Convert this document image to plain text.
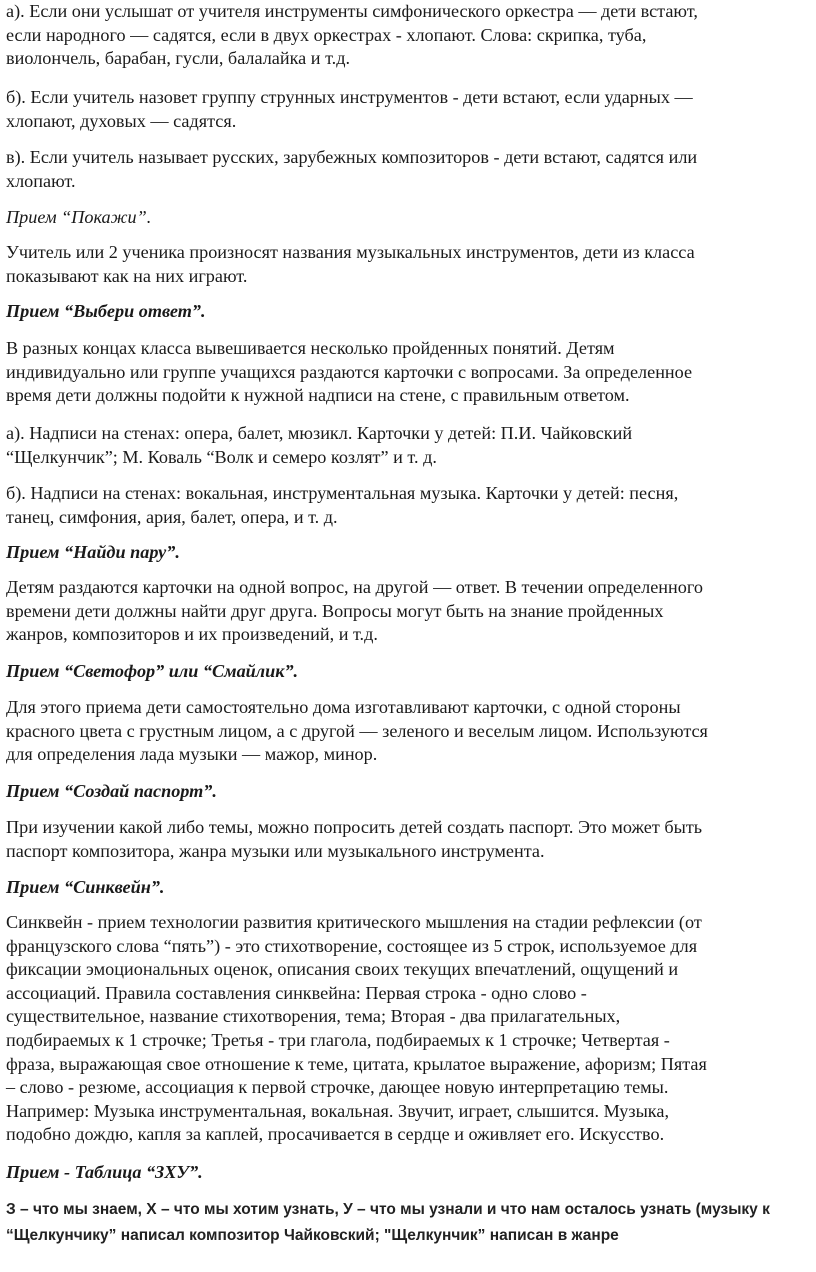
а). Если они услышат от учителя инструменты симфонического оркестра — дети встают,
если народного — садятся, если в двух оркестрах - хлопают. Слова: скрипка, туба,
виолончель, барабан, гусли, балалайка и т.д.

б). Если учитель назовет группу струнных инструментов - дети встают, если ударных —
хлопают, духовых — садятся.

в). Если учитель называет русских, зарубежных композиторов - дети встают, садятся или
хлопают.

Прием “Покажи”.

Учитель или 2 ученика произносят названия музыкальных инструментов, дети из класса
показывают как на них играют.

Прием “Выбери ответ”.

В разных концах класса вывешивается несколько пройденных понятий. Детям
индивидуально или группе учащихся раздаются карточки с вопросами. За определенное
время дети должны подойти к нужной надписи на стене, с правильным ответом.

а). Надписи на стенах: опера, балет, мюзикл. Карточки у детей: П.И. Чайковский
“Щелкунчик”; М. Коваль “Волк и семеро козлят” и т. д.

б). Надписи на стенах: вокальная, инструментальная музыка. Карточки у детей: песня,
танец, симфония, ария, балет, опера, и т. д.

Прием “Найди пару”.

Детям раздаются карточки на одной вопрос, на другой — ответ. В течении определенного
времени дети должны найти друг друга. Вопросы могут быть на знание пройденных
жанров, композиторов и их произведений, и т.д.

Прием “Светофор” или “Смайлик”.

Для этого приема дети самостоятельно дома изготавливают карточки, с одной стороны
красного цвета с грустным лицом, а с другой — зеленого и веселым лицом. Используются
для определения лада музыки — мажор, минор.

Прием “Создай паспорт”.

При изучении какой либо темы, можно попросить детей создать паспорт. Это может быть
паспорт композитора, жанра музыки или музыкального инструмента.

Прием “Синквейн”.

Синквейн - прием технологии развития критического мышления на стадии рефлексии (от
французского слова “пять”) - это стихотворение, состоящее из 5 строк, используемое для
фиксации эмоциональных оценок, описания своих текущих впечатлений, ощущений и
ассоциаций. Правила составления синквейна: Первая строка - одно слово -
существительное, название стихотворения, тема; Вторая - два прилагательных,
подбираемых к 1 строчке; Третья - три глагола, подбираемых к 1 строчке; Четвертая -
фраза, выражающая свое отношение к теме, цитата, крылатое выражение, афоризм; Пятая
– слово - резюме, ассоциация к первой строчке, дающее новую интерпретацию темы.
Например: Музыка инструментальная, вокальная. Звучит, играет, слышится. Музыка,
подобно дождю, капля за каплей, просачивается в сердце и оживляет его. Искусство.

Прием - Таблица “ЗХУ”.

З – что мы знаем, Х – что мы хотим узнать, У – что мы узнали и что нам осталось узнать (музыку к
“Щелкунчику” написал композитор Чайковский; "Щелкунчик” написан в жанре
